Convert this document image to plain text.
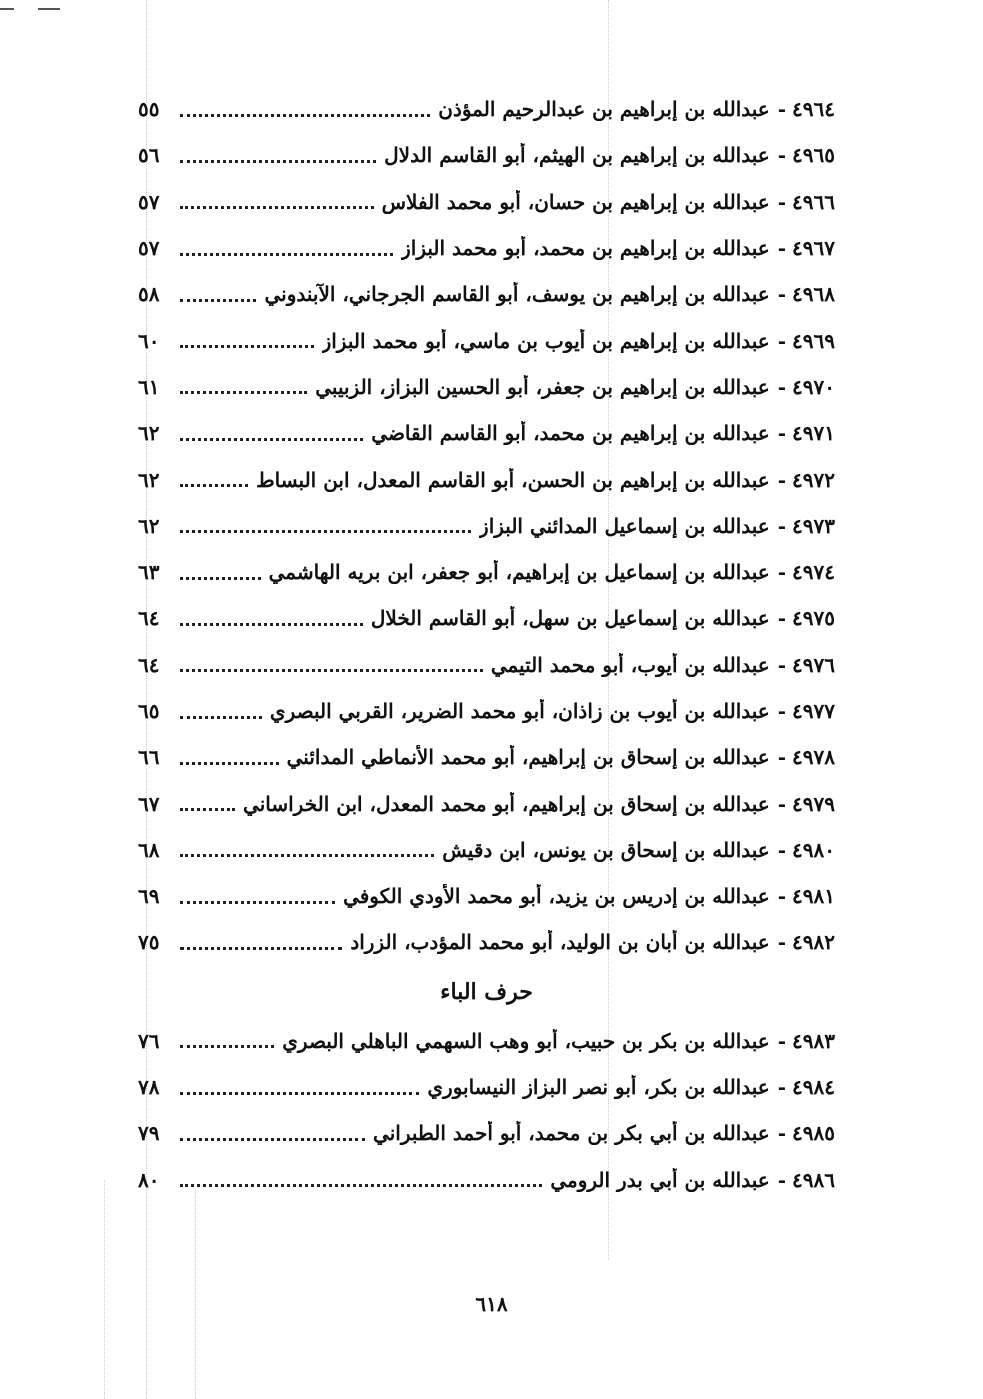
٤٩٦٤
-
عبدالله بن إبراهيم بن عبدالرحيم المؤذن
٥٥
٤٩٦٥
-
عبدالله بن إبراهيم بن الهيثم، أبو القاسم الدلال
٥٦
٤٩٦٦
-
عبدالله بن إبراهيم بن حسان، أبو محمد الفلاس
٥٧
٤٩٦٧
-
عبدالله بن إبراهيم بن محمد، أبو محمد البزاز
٥٧
٤٩٦٨
-
عبدالله بن إبراهيم بن يوسف، أبو القاسم الجرجاني، الآبندوني
٥٨
٤٩٦٩
-
عبدالله بن إبراهيم بن أيوب بن ماسي، أبو محمد البزاز
٦٠
٤٩٧٠
-
عبدالله بن إبراهيم بن جعفر، أبو الحسين البزاز، الزبيبي
٦١
٤٩٧١
-
عبدالله بن إبراهيم بن محمد، أبو القاسم القاضي
٦٢
٤٩٧٢
-
عبدالله بن إبراهيم بن الحسن، أبو القاسم المعدل، ابن البساط
٦٢
٤٩٧٣
-
عبدالله بن إسماعيل المدائني البزاز
٦٢
٤٩٧٤
-
عبدالله بن إسماعيل بن إبراهيم، أبو جعفر، ابن بريه الهاشمي
٦٣
٤٩٧٥
-
عبدالله بن إسماعيل بن سهل، أبو القاسم الخلال
٦٤
٤٩٧٦
-
عبدالله بن أيوب، أبو محمد التيمي
٦٤
٤٩٧٧
-
عبدالله بن أيوب بن زاذان، أبو محمد الضرير، القربي البصري
٦٥
٤٩٧٨
-
عبدالله بن إسحاق بن إبراهيم، أبو محمد الأنماطي المدائني
٦٦
٤٩٧٩
-
عبدالله بن إسحاق بن إبراهيم، أبو محمد المعدل، ابن الخراساني
٦٧
٤٩٨٠
-
عبدالله بن إسحاق بن يونس، ابن دقيش
٦٨
٤٩٨١
-
عبدالله بن إدريس بن يزيد، أبو محمد الأودي الكوفي
٦٩
٤٩٨٢
-
عبدالله بن أبان بن الوليد، أبو محمد المؤدب، الزراد
٧٥
حرف الباء
٤٩٨٣
-
عبدالله بن بكر بن حبيب، أبو وهب السهمي الباهلي البصري
٧٦
٤٩٨٤
-
عبدالله بن بكر، أبو نصر البزاز النيسابوري
٧٨
٤٩٨٥
-
عبدالله بن أبي بكر بن محمد، أبو أحمد الطبراني
٧٩
٤٩٨٦
-
عبدالله بن أبي بدر الرومي
٨٠
٦١٨
